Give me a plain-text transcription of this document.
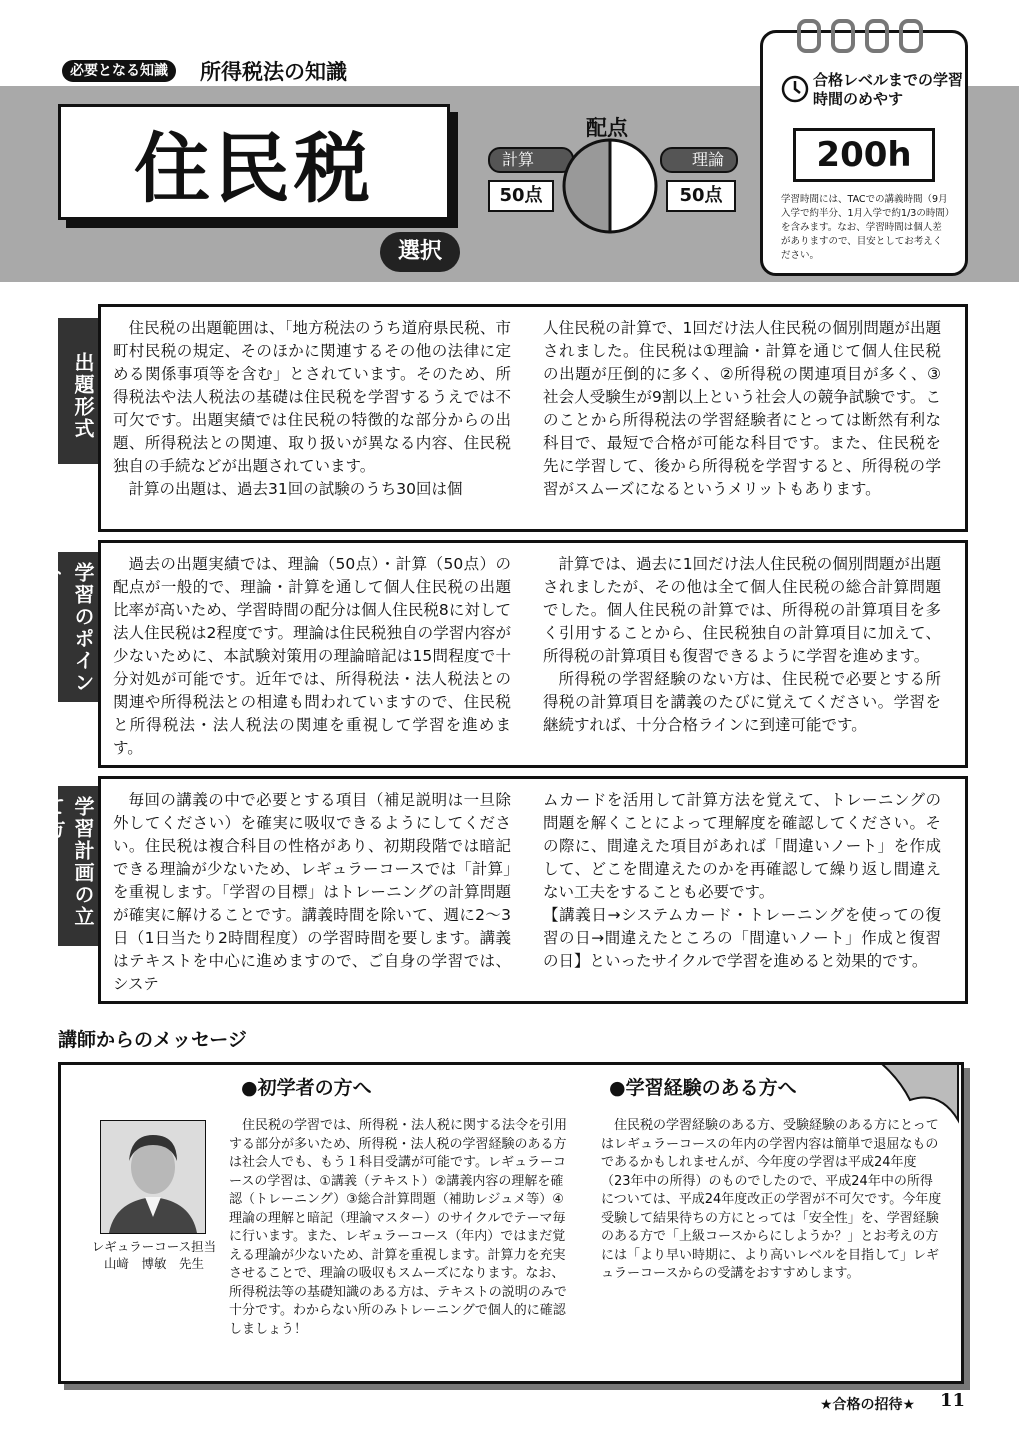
必要となる知識	所得税法の知識
住民税
選択
配点
計算	理論
50点	50点
合格レベルまでの学習時間のめやす
200h
学習時間には、TACでの講義時間（9月入学で約半分、1月入学で約1/3の時間）を含みます。なお、学習時間は個人差がありますので、目安としてお考えください。
出題形式

住民税の出題範囲は、「地方税法のうち道府県民税、市町村民税の規定、そのほかに関連するその他の法律に定める関係事項等を含む」とされています。そのため、所得税法や法人税法の基礎は住民税を学習するうえでは不可欠です。出題実績では住民税の特徴的な部分からの出題、所得税法との関連、取り扱いが異なる内容、住民税独自の手続などが出題されています。

計算の出題は、過去31回の試験のうち30回は個

人住民税の計算で、1回だけ法人住民税の個別問題が出題されました。住民税は①理論・計算を通じて個人住民税の出題が圧倒的に多く、②所得税の関連項目が多く、③社会人受験生が9割以上という社会人の競争試験です。このことから所得税法の学習経験者にとっては断然有利な科目で、最短で合格が可能な科目です。また、住民税を先に学習して、後から所得税を学習すると、所得税の学習がスムーズになるというメリットもあります。

学習のポイント	過去の出題実績では、理論（50点）・計算（50点）の配点が一般的で、理論・計算を通して個人住民税の出題比率が高いため、学習時間の配分は個人住民税8に対して法人住民税は2程度です。理論は住民税独自の学習内容が少ないために、本試験対策用の理論暗記は15問程度で十分対処が可能です。近年では、所得税法・法人税法との関連や所得税法との相違も問われていますので、住民税と所得税法・法人税法の関連を重視して学習を進めます。

計算では、過去に1回だけ法人住民税の個別問題が出題されましたが、その他は全て個人住民税の総合計算問題でした。個人住民税の計算では、所得税の計算項目を多く引用することから、住民税独自の計算項目に加えて、所得税の計算項目も復習できるように学習を進めます。

所得税の学習経験のない方は、住民税で必要とする所得税の計算項目を講義のたびに覚えてください。学習を継続すれば、十分合格ラインに到達可能です。

学習計画の立て方	毎回の講義の中で必要とする項目（補足説明は一旦除外してください）を確実に吸収できるようにしてください。住民税は複合科目の性格があり、初期段階では暗記できる理論が少ないため、レギュラーコースでは「計算」を重視します。「学習の目標」はトレーニングの計算問題が確実に解けることです。講義時間を除いて、週に2～3日（1日当たり2時間程度）の学習時間を要します。講義はテキストを中心に進めますので、ご自身の学習では、システ

ムカードを活用して計算方法を覚えて、トレーニングの問題を解くことによって理解度を確認してください。その際に、間違えた項目があれば「間違いノート」を作成して、どこを間違えたのかを再確認して繰り返し間違えない工夫をすることも必要です。

【講義日→システムカード・トレーニングを使っての復習の日→間違えたところの「間違いノート」作成と復習の日】といったサイクルで学習を進めると効果的です。

講師からのメッセージ
●初学者の方へ	●学習経験のある方へ

住民税の学習では、所得税・法人税に関する法令を引用する部分が多いため、所得税・法人税の学習経験のある方は社会人でも、もう１科目受講が可能です。レギュラーコースの学習は、①講義（テキスト）②講義内容の理解を確認（トレーニング）③総合計算問題（補助レジュメ等）④理論の理解と暗記（理論マスター）のサイクルでテーマ毎に行います。また、レギュラーコース（年内）ではまだ覚える理論が少ないため、計算を重視します。計算力を充実させることで、理論の吸収もスムーズになります。なお、所得税法等の基礎知識のある方は、テキストの説明のみで十分です。わからない所のみトレーニングで個人的に確認しましょう！

住民税の学習経験のある方、受験経験のある方にとってはレギュラーコースの年内の学習内容は簡単で退屈なものであるかもしれませんが、今年度の学習は平成24年度（23年中の所得）のものでしたので、平成24年中の所得については、平成24年度改正の学習が不可欠です。今年度受験して結果待ちの方にとっては「安全性」を、学習経験のある方で「上級コースからにしようか？」とお考えの方には「より早い時期に、より高いレベルを目指して」レギュラーコースからの受講をおすすめします。

レギュラーコース担当
山﨑　博敏　先生
★合格の招待★ 11
